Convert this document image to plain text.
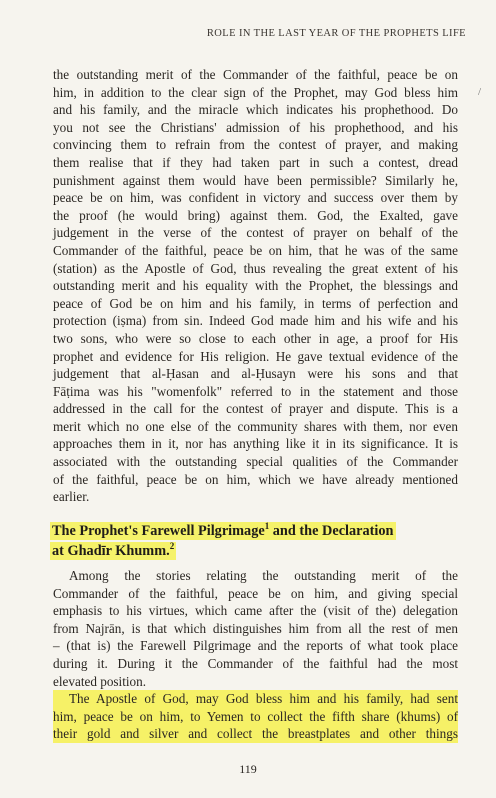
ROLE IN THE LAST YEAR OF THE PROPHETS LIFE
/
the outstanding merit of the Commander of the faithful, peace be on
him, in addition to the clear sign of the Prophet, may God bless him
and his family, and the miracle which indicates his prophethood. Do
you not see the Christians' admission of his prophethood, and his
convincing them to refrain from the contest of prayer, and making
them realise that if they had taken part in such a contest, dread
punishment against them would have been permissible? Similarly he,
peace be on him, was confident in victory and success over them by
the proof (he would bring) against them. God, the Exalted, gave
judgement in the verse of the contest of prayer on behalf of the
Commander of the faithful, peace be on him, that he was of the same
(station) as the Apostle of God, thus revealing the great extent of his
outstanding merit and his equality with the Prophet, the blessings and
peace of God be on him and his family, in terms of perfection and
protection (iṣma) from sin. Indeed God made him and his wife and his
two sons, who were so close to each other in age, a proof for His
prophet and evidence for His religion. He gave textual evidence of the
judgement that al-Ḥasan and al-Ḥusayn were his sons and that
Fāṭima was his "womenfolk" referred to in the statement and those
addressed in the call for the contest of prayer and dispute. This is a
merit which no one else of the community shares with them, nor even
approaches them in it, nor has anything like it in its significance. It is
associated with the outstanding special qualities of the Commander
of the faithful, peace be on him, which we have already mentioned
earlier.
The Prophet's Farewell Pilgrimage$^1$ and the Declaration
at Ghadīr Khumm.$^2$
Among the stories relating the outstanding merit of the
Commander of the faithful, peace be on him, and giving special
emphasis to his virtues, which came after the (visit of the) delegation
from Najrān, is that which distinguishes him from all the rest of men
– (that is) the Farewell Pilgrimage and the reports of what took place
during it. During it the Commander of the faithful had the most
elevated position.
The Apostle of God, may God bless him and his family, had sent
him, peace be on him, to Yemen to collect the fifth share (khums) of
their gold and silver and collect the breastplates and other things
119
